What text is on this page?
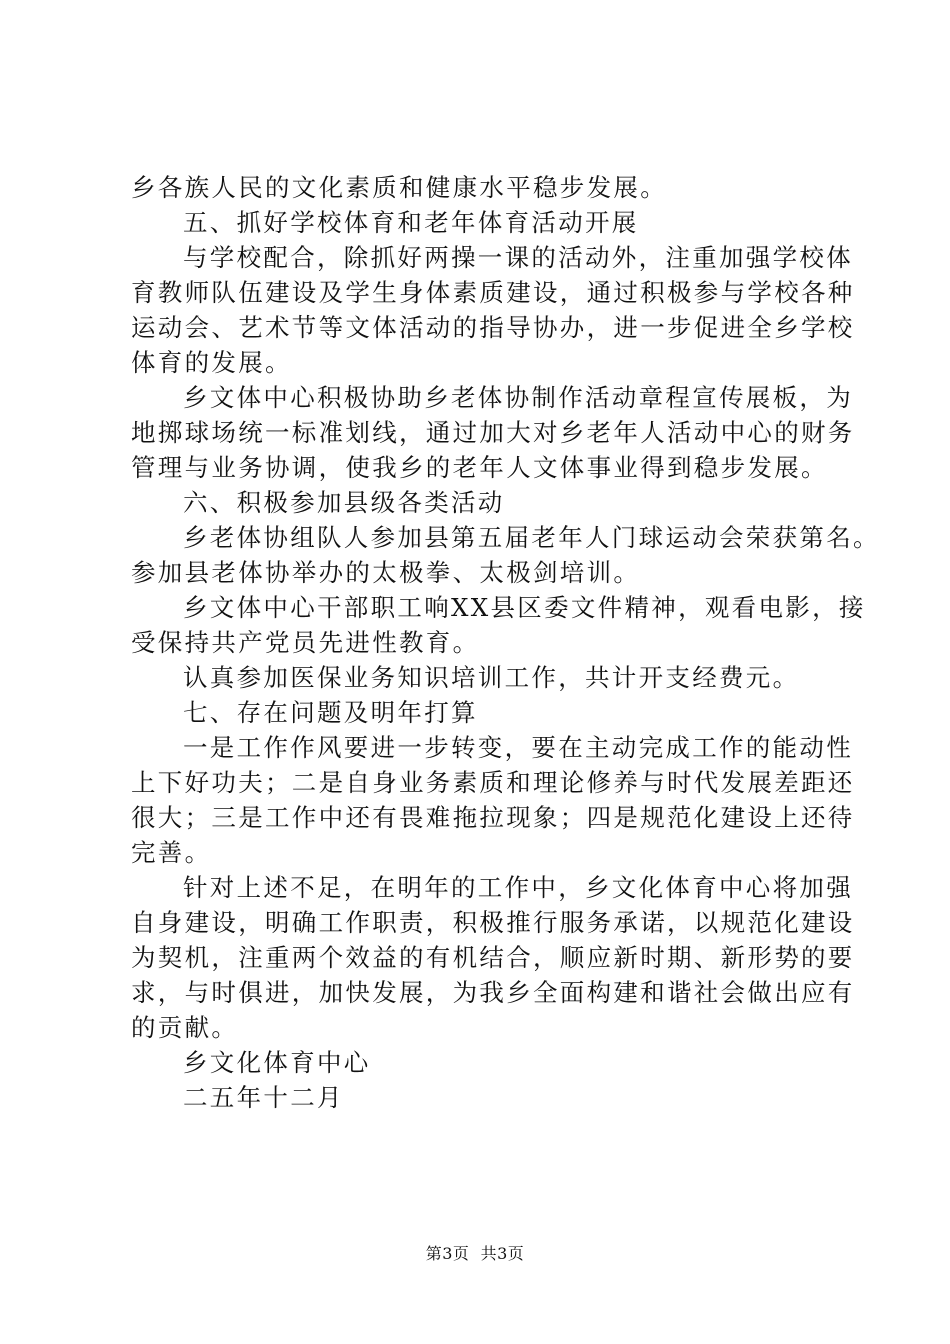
乡各族人民的文化素质和健康水平稳步发展。
五、抓好学校体育和老年体育活动开展
与学校配合，除抓好两操一课的活动外，注重加强学校体
育教师队伍建设及学生身体素质建设，通过积极参与学校各种
运动会、艺术节等文体活动的指导协办，进一步促进全乡学校
体育的发展。
乡文体中心积极协助乡老体协制作活动章程宣传展板，为
地掷球场统一标准划线，通过加大对乡老年人活动中心的财务
管理与业务协调，使我乡的老年人文体事业得到稳步发展。
六、积极参加县级各类活动
乡老体协组队人参加县第五届老年人门球运动会荣获第名。
参加县老体协举办的太极拳、太极剑培训。
乡文体中心干部职工响XX县区委文件精神，观看电影，接
受保持共产党员先进性教育。
认真参加医保业务知识培训工作，共计开支经费元。
七、存在问题及明年打算
一是工作作风要进一步转变，要在主动完成工作的能动性
上下好功夫；二是自身业务素质和理论修养与时代发展差距还
很大；三是工作中还有畏难拖拉现象；四是规范化建设上还待
完善。
针对上述不足，在明年的工作中，乡文化体育中心将加强
自身建设，明确工作职责，积极推行服务承诺，以规范化建设
为契机，注重两个效益的有机结合，顺应新时期、新形势的要
求，与时俱进，加快发展，为我乡全面构建和谐社会做出应有
的贡献。
乡文化体育中心
二五年十二月
第3页  共3页
